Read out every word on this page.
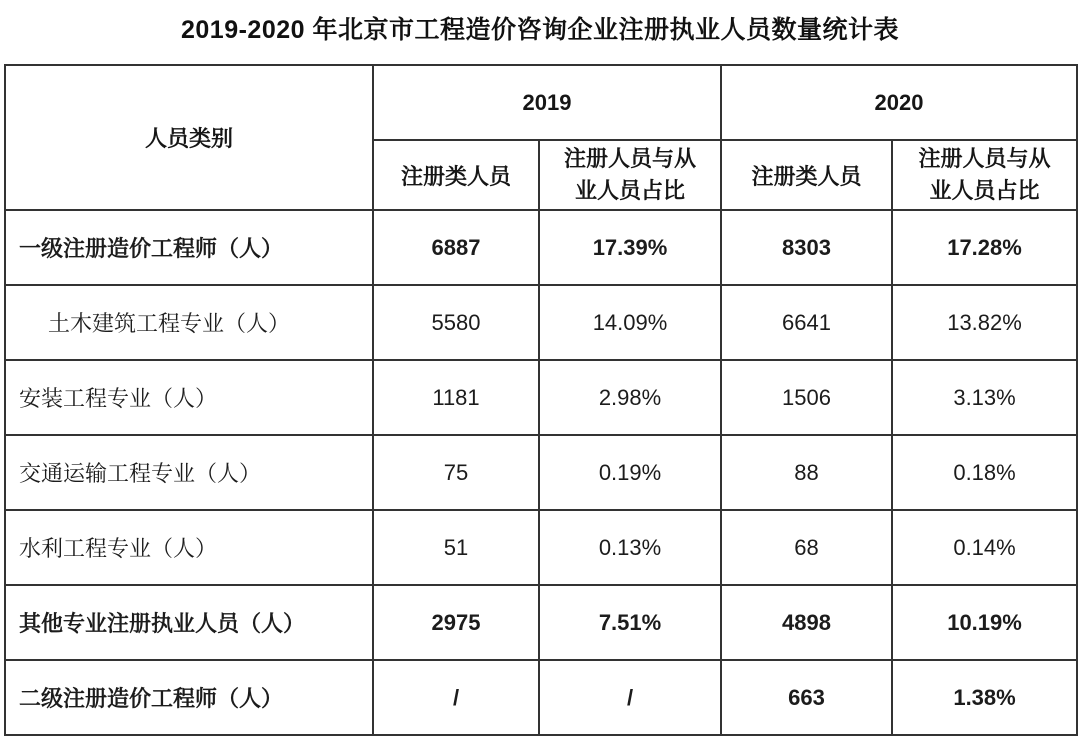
2019-2020 年北京市工程造价咨询企业注册执业人员数量统计表
人员类别	2019		2020	
	注册类人员	注册人员与从业人员占比	注册类人员	注册人员与从业人员占比
一级注册造价工程师（人）	6887	17.39%	8303	17.28%
土木建筑工程专业（人）	5580	14.09%	6641	13.82%
安装工程专业（人）	1181	2.98%	1506	3.13%
交通运输工程专业（人）	75	0.19%	88	0.18%
水利工程专业（人）	51	0.13%	68	0.14%
其他专业注册执业人员（人）	2975	7.51%	4898	10.19%
二级注册造价工程师（人）	/	/	663	1.38%
